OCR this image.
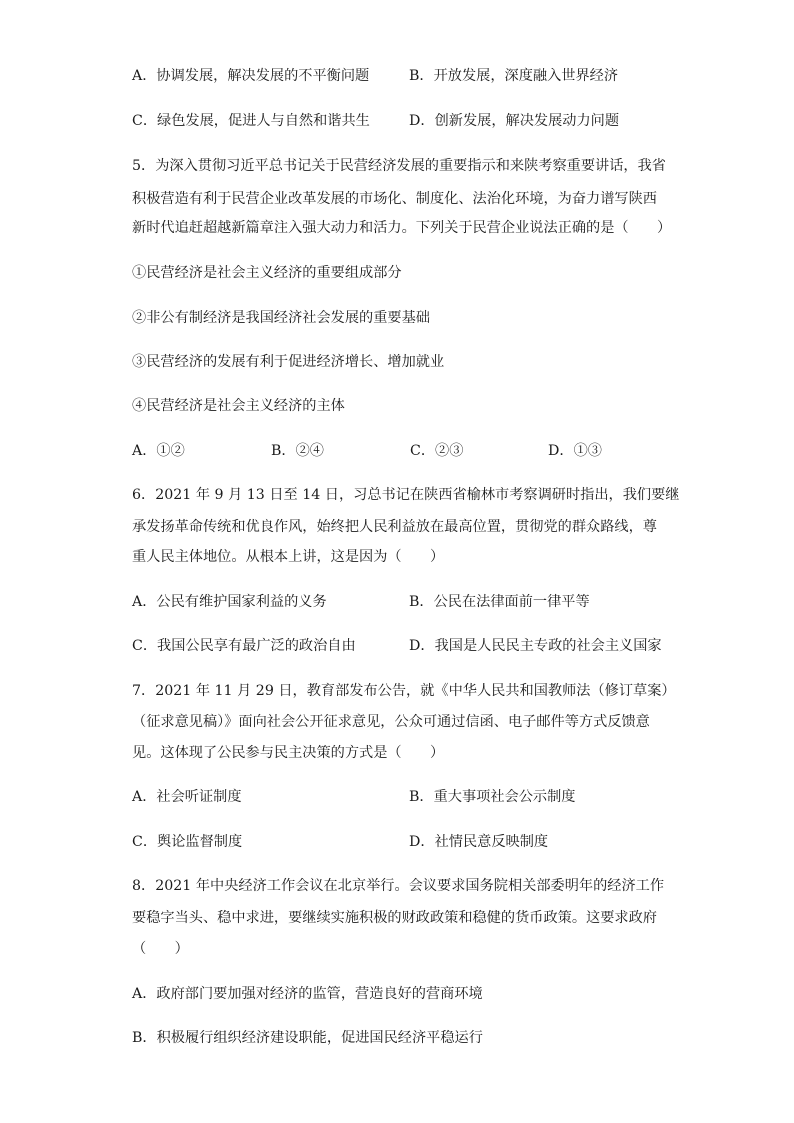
A．协调发展，解决发展的不平衡问题	B．开放发展，深度融入世界经济
C．绿色发展，促进人与自然和谐共生	D．创新发展，解决发展动力问题
5．为深入贯彻习近平总书记关于民营经济发展的重要指示和来陕考察重要讲话，我省
积极营造有利于民营企业改革发展的市场化、制度化、法治化环境，为奋力谱写陕西
新时代追赶超越新篇章注入强大动力和活力。下列关于民营企业说法正确的是（　　）
①民营经济是社会主义经济的重要组成部分
②非公有制经济是我国经济社会发展的重要基础
③民营经济的发展有利于促进经济增长、增加就业
④民营经济是社会主义经济的主体
A．①②	B．②④	C．②③	D．①③
6．2021 年 9 月 13 日至 14 日，习总书记在陕西省榆林市考察调研时指出，我们要继
承发扬革命传统和优良作风，始终把人民利益放在最高位置，贯彻党的群众路线，尊
重人民主体地位。从根本上讲，这是因为（　　）
A．公民有维护国家利益的义务	B．公民在法律面前一律平等
C．我国公民享有最广泛的政治自由	D．我国是人民民主专政的社会主义国家
7．2021 年 11 月 29 日，教育部发布公告，就《中华人民共和国教师法（修订草案）
（征求意见稿）》面向社会公开征求意见，公众可通过信函、电子邮件等方式反馈意
见。这体现了公民参与民主决策的方式是（　　）
A．社会听证制度	B．重大事项社会公示制度
C．舆论监督制度	D．社情民意反映制度
8．2021 年中央经济工作会议在北京举行。会议要求国务院相关部委明年的经济工作
要稳字当头、稳中求进，要继续实施积极的财政政策和稳健的货币政策。这要求政府
（　　）
A．政府部门要加强对经济的监管，营造良好的营商环境
B．积极履行组织经济建设职能，促进国民经济平稳运行
